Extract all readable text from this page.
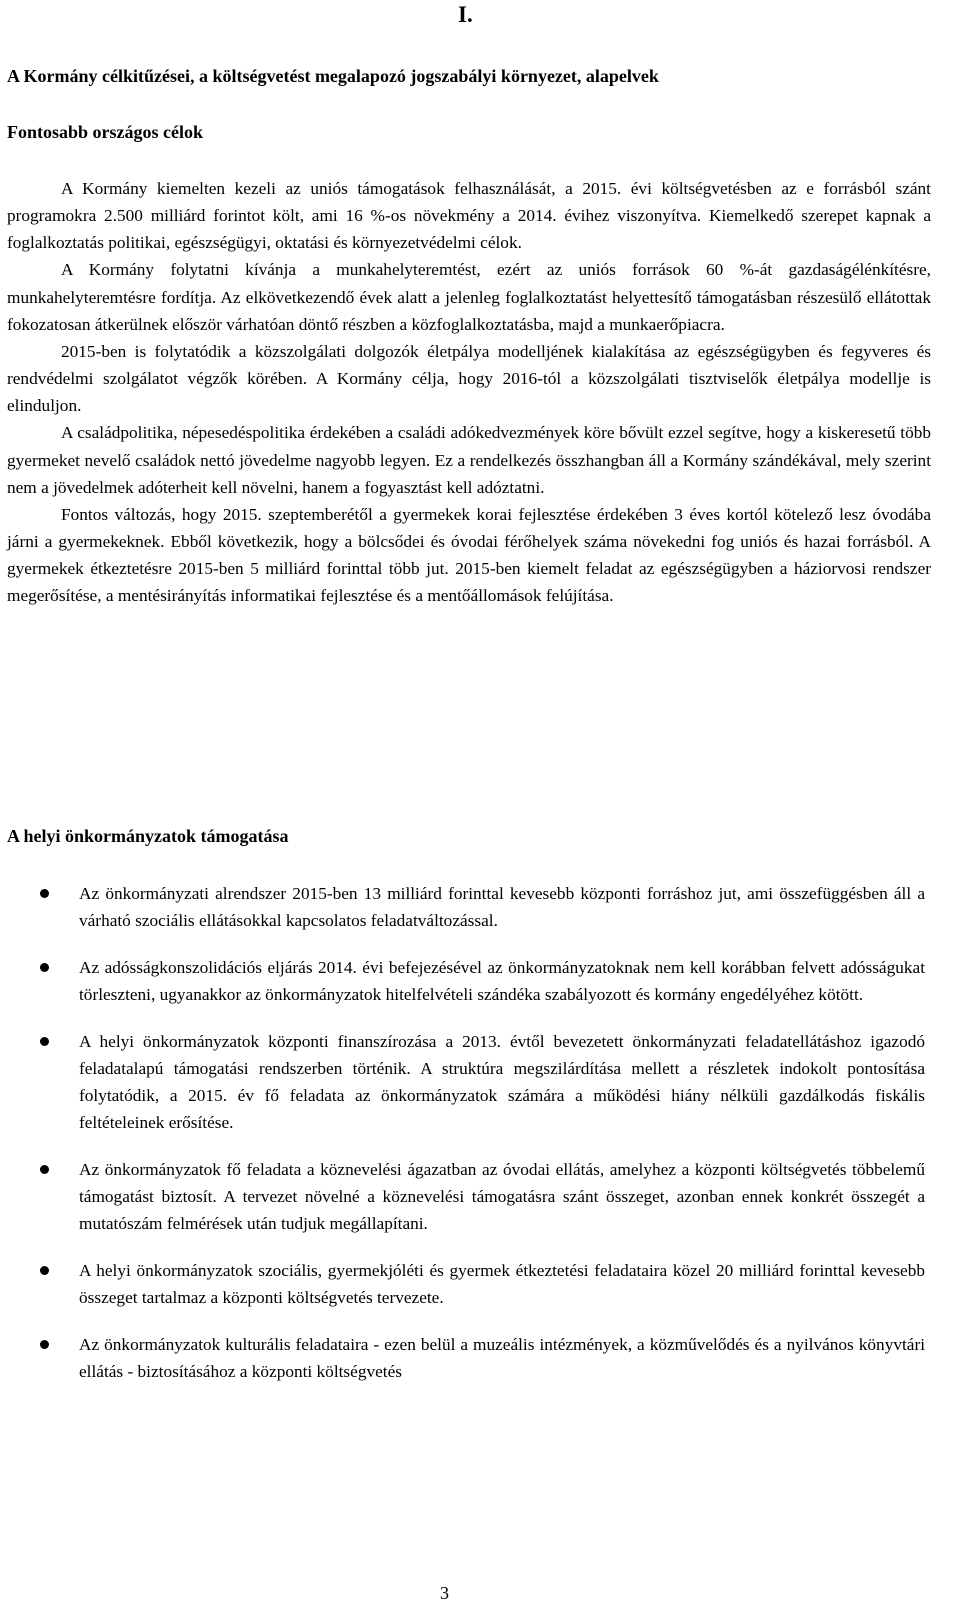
I.
A Kormány célkitűzései, a költségvetést megalapozó jogszabályi környezet, alapelvek
Fontosabb országos célok

A Kormány kiemelten kezeli az uniós támogatások felhasználását, a 2015. évi költségvetésben az e forrásból szánt programokra 2.500 milliárd forintot költ, ami 16 %-os növekmény a 2014. évihez viszonyítva. Kiemelkedő szerepet kapnak a foglalkoztatás politikai, egészségügyi, oktatási és környezetvédelmi célok.

A Kormány folytatni kívánja a munkahelyteremtést, ezért az uniós források 60 %-át gazdaságélénkítésre, munkahelyteremtésre fordítja. Az elkövetkezendő évek alatt a jelenleg foglalkoztatást helyettesítő támogatásban részesülő ellátottak fokozatosan átkerülnek először várhatóan döntő részben a közfoglalkoztatásba, majd a munkaerőpiacra.

2015-ben is folytatódik a közszolgálati dolgozók életpálya modelljének kialakítása az egészségügyben és fegyveres és rendvédelmi szolgálatot végzők körében. A Kormány célja, hogy 2016-tól a közszolgálati tisztviselők életpálya modellje is elinduljon.

A családpolitika, népesedéspolitika érdekében a családi adókedvezmények köre bővült ezzel segítve, hogy a kiskeresetű több gyermeket nevelő családok nettó jövedelme nagyobb legyen. Ez a rendelkezés összhangban áll a Kormány szándékával, mely szerint nem a jövedelmek adóterheit kell növelni, hanem a fogyasztást kell adóztatni.

Fontos változás, hogy 2015. szeptemberétől a gyermekek korai fejlesztése érdekében 3 éves kortól kötelező lesz óvodába járni a gyermekeknek. Ebből következik, hogy a bölcsődei és óvodai férőhelyek száma növekedni fog uniós és hazai forrásból. A gyermekek étkeztetésre 2015-ben 5 milliárd forinttal több jut. 2015-ben kiemelt feladat az egészségügyben a háziorvosi rendszer megerősítése, a mentésirányítás informatikai fejlesztése és a mentőállomások felújítása.

A helyi önkormányzatok támogatása
Az önkormányzati alrendszer 2015-ben 13 milliárd forinttal kevesebb központi forráshoz jut, ami összefüggésben áll a várható szociális ellátásokkal kapcsolatos feladatváltozással.
Az adósságkonszolidációs eljárás 2014. évi befejezésével az önkormányzatoknak nem kell korábban felvett adósságukat törleszteni, ugyanakkor az önkormányzatok hitelfelvételi szándéka szabályozott és kormány engedélyéhez kötött.
A helyi önkormányzatok központi finanszírozása a 2013. évtől bevezetett önkormányzati feladatellátáshoz igazodó feladatalapú támogatási rendszerben történik. A struktúra megszilárdítása mellett a részletek indokolt pontosítása folytatódik, a 2015. év fő feladata az önkormányzatok számára a működési hiány nélküli gazdálkodás fiskális feltételeinek erősítése.
Az önkormányzatok fő feladata a köznevelési ágazatban az óvodai ellátás, amelyhez a központi költségvetés többelemű támogatást biztosít. A tervezet növelné a köznevelési támogatásra szánt összeget, azonban ennek konkrét összegét a mutatószám felmérések után tudjuk megállapítani.
A helyi önkormányzatok szociális, gyermekjóléti és gyermek étkeztetési feladataira közel 20 milliárd forinttal kevesebb összeget tartalmaz a központi költségvetés tervezete.
Az önkormányzatok kulturális feladataira - ezen belül a muzeális intézmények, a közművelődés és a nyilvános könyvtári ellátás - biztosításához a központi költségvetés
3
